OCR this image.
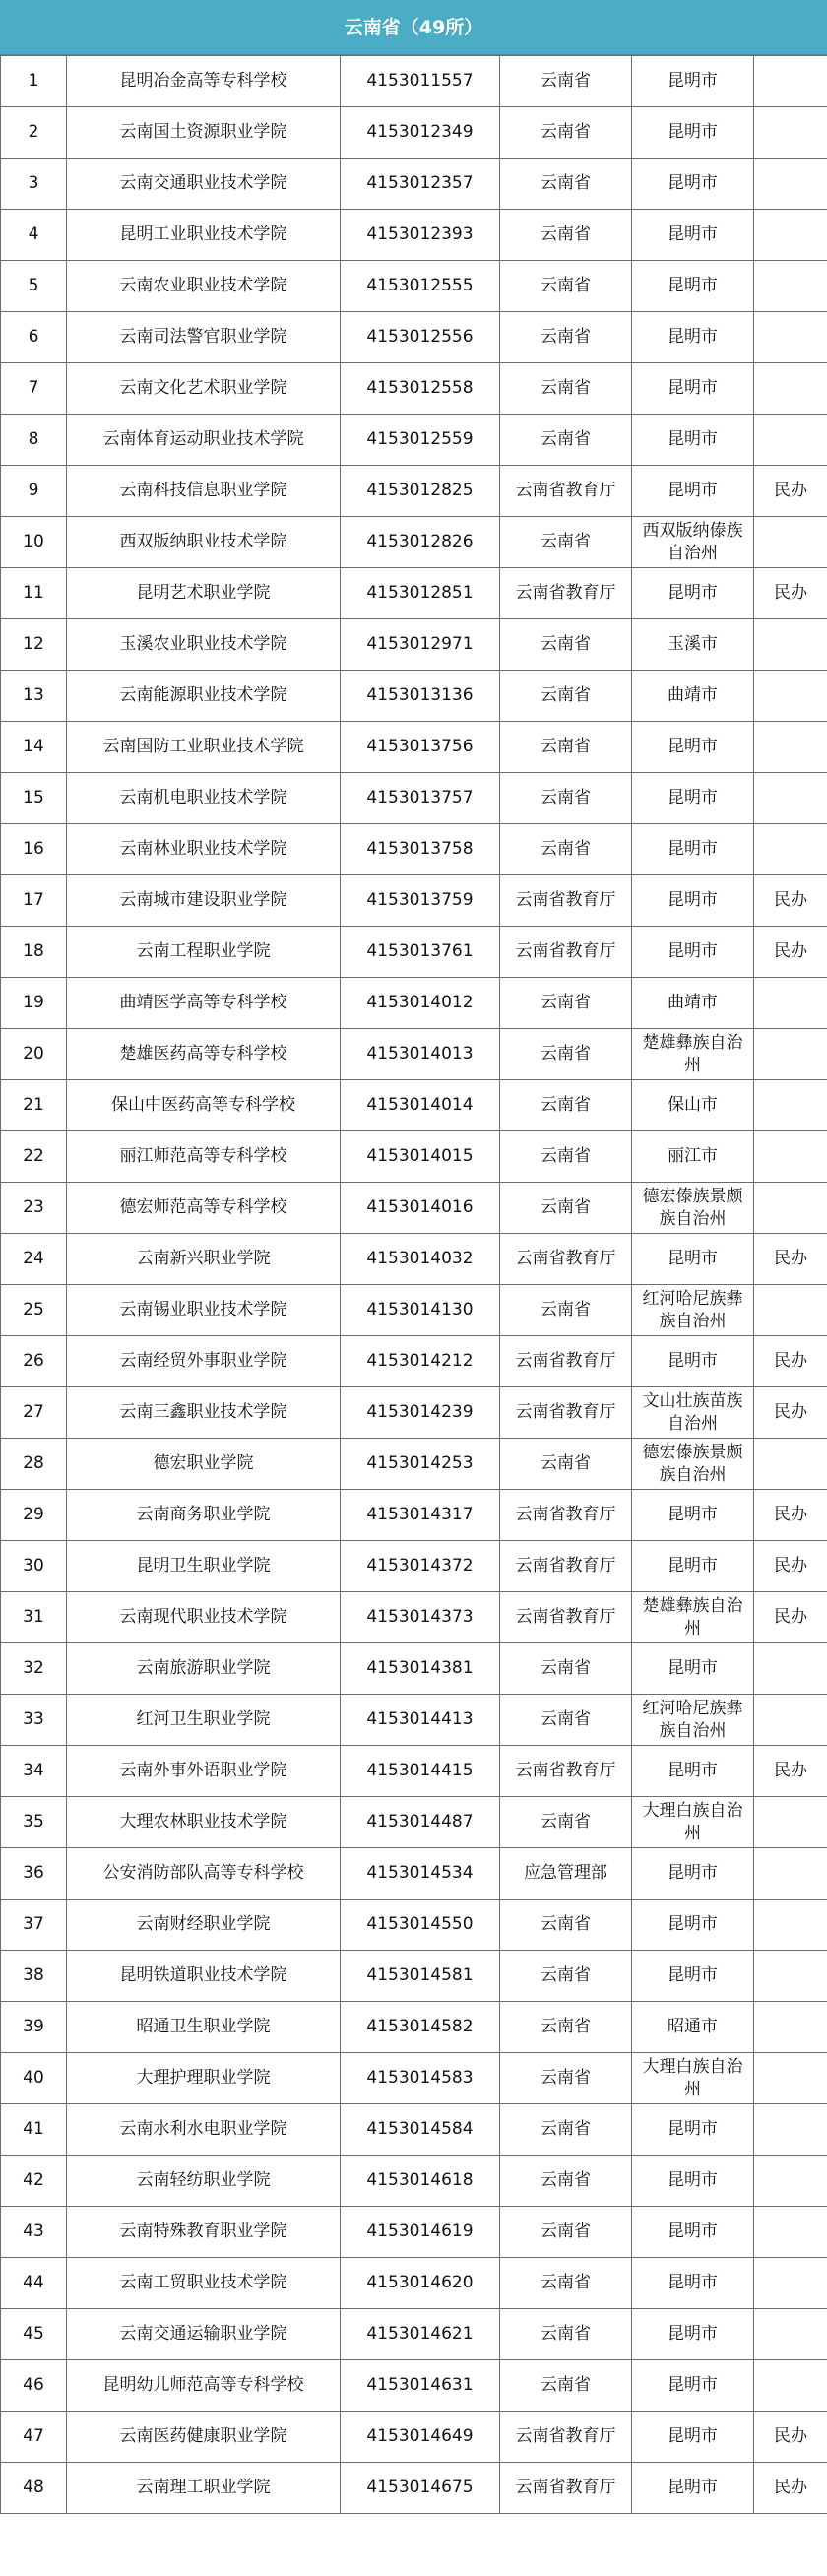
云南省（49所）
1	昆明冶金高等专科学校	4153011557	云南省	昆明市	
2	云南国土资源职业学院	4153012349	云南省	昆明市	
3	云南交通职业技术学院	4153012357	云南省	昆明市	
4	昆明工业职业技术学院	4153012393	云南省	昆明市	
5	云南农业职业技术学院	4153012555	云南省	昆明市	
6	云南司法警官职业学院	4153012556	云南省	昆明市	
7	云南文化艺术职业学院	4153012558	云南省	昆明市	
8	云南体育运动职业技术学院	4153012559	云南省	昆明市	
9	云南科技信息职业学院	4153012825	云南省教育厅	昆明市	民办
10	西双版纳职业技术学院	4153012826	云南省	西双版纳傣族自治州	
11	昆明艺术职业学院	4153012851	云南省教育厅	昆明市	民办
12	玉溪农业职业技术学院	4153012971	云南省	玉溪市	
13	云南能源职业技术学院	4153013136	云南省	曲靖市	
14	云南国防工业职业技术学院	4153013756	云南省	昆明市	
15	云南机电职业技术学院	4153013757	云南省	昆明市	
16	云南林业职业技术学院	4153013758	云南省	昆明市	
17	云南城市建设职业学院	4153013759	云南省教育厅	昆明市	民办
18	云南工程职业学院	4153013761	云南省教育厅	昆明市	民办
19	曲靖医学高等专科学校	4153014012	云南省	曲靖市	
20	楚雄医药高等专科学校	4153014013	云南省	楚雄彝族自治州	
21	保山中医药高等专科学校	4153014014	云南省	保山市	
22	丽江师范高等专科学校	4153014015	云南省	丽江市	
23	德宏师范高等专科学校	4153014016	云南省	德宏傣族景颇族自治州	
24	云南新兴职业学院	4153014032	云南省教育厅	昆明市	民办
25	云南锡业职业技术学院	4153014130	云南省	红河哈尼族彝族自治州	
26	云南经贸外事职业学院	4153014212	云南省教育厅	昆明市	民办
27	云南三鑫职业技术学院	4153014239	云南省教育厅	文山壮族苗族自治州	民办
28	德宏职业学院	4153014253	云南省	德宏傣族景颇族自治州	
29	云南商务职业学院	4153014317	云南省教育厅	昆明市	民办
30	昆明卫生职业学院	4153014372	云南省教育厅	昆明市	民办
31	云南现代职业技术学院	4153014373	云南省教育厅	楚雄彝族自治州	民办
32	云南旅游职业学院	4153014381	云南省	昆明市	
33	红河卫生职业学院	4153014413	云南省	红河哈尼族彝族自治州	
34	云南外事外语职业学院	4153014415	云南省教育厅	昆明市	民办
35	大理农林职业技术学院	4153014487	云南省	大理白族自治州	
36	公安消防部队高等专科学校	4153014534	应急管理部	昆明市	
37	云南财经职业学院	4153014550	云南省	昆明市	
38	昆明铁道职业技术学院	4153014581	云南省	昆明市	
39	昭通卫生职业学院	4153014582	云南省	昭通市	
40	大理护理职业学院	4153014583	云南省	大理白族自治州	
41	云南水利水电职业学院	4153014584	云南省	昆明市	
42	云南轻纺职业学院	4153014618	云南省	昆明市	
43	云南特殊教育职业学院	4153014619	云南省	昆明市	
44	云南工贸职业技术学院	4153014620	云南省	昆明市	
45	云南交通运输职业学院	4153014621	云南省	昆明市	
46	昆明幼儿师范高等专科学校	4153014631	云南省	昆明市	
47	云南医药健康职业学院	4153014649	云南省教育厅	昆明市	民办
48	云南理工职业学院	4153014675	云南省教育厅	昆明市	民办
